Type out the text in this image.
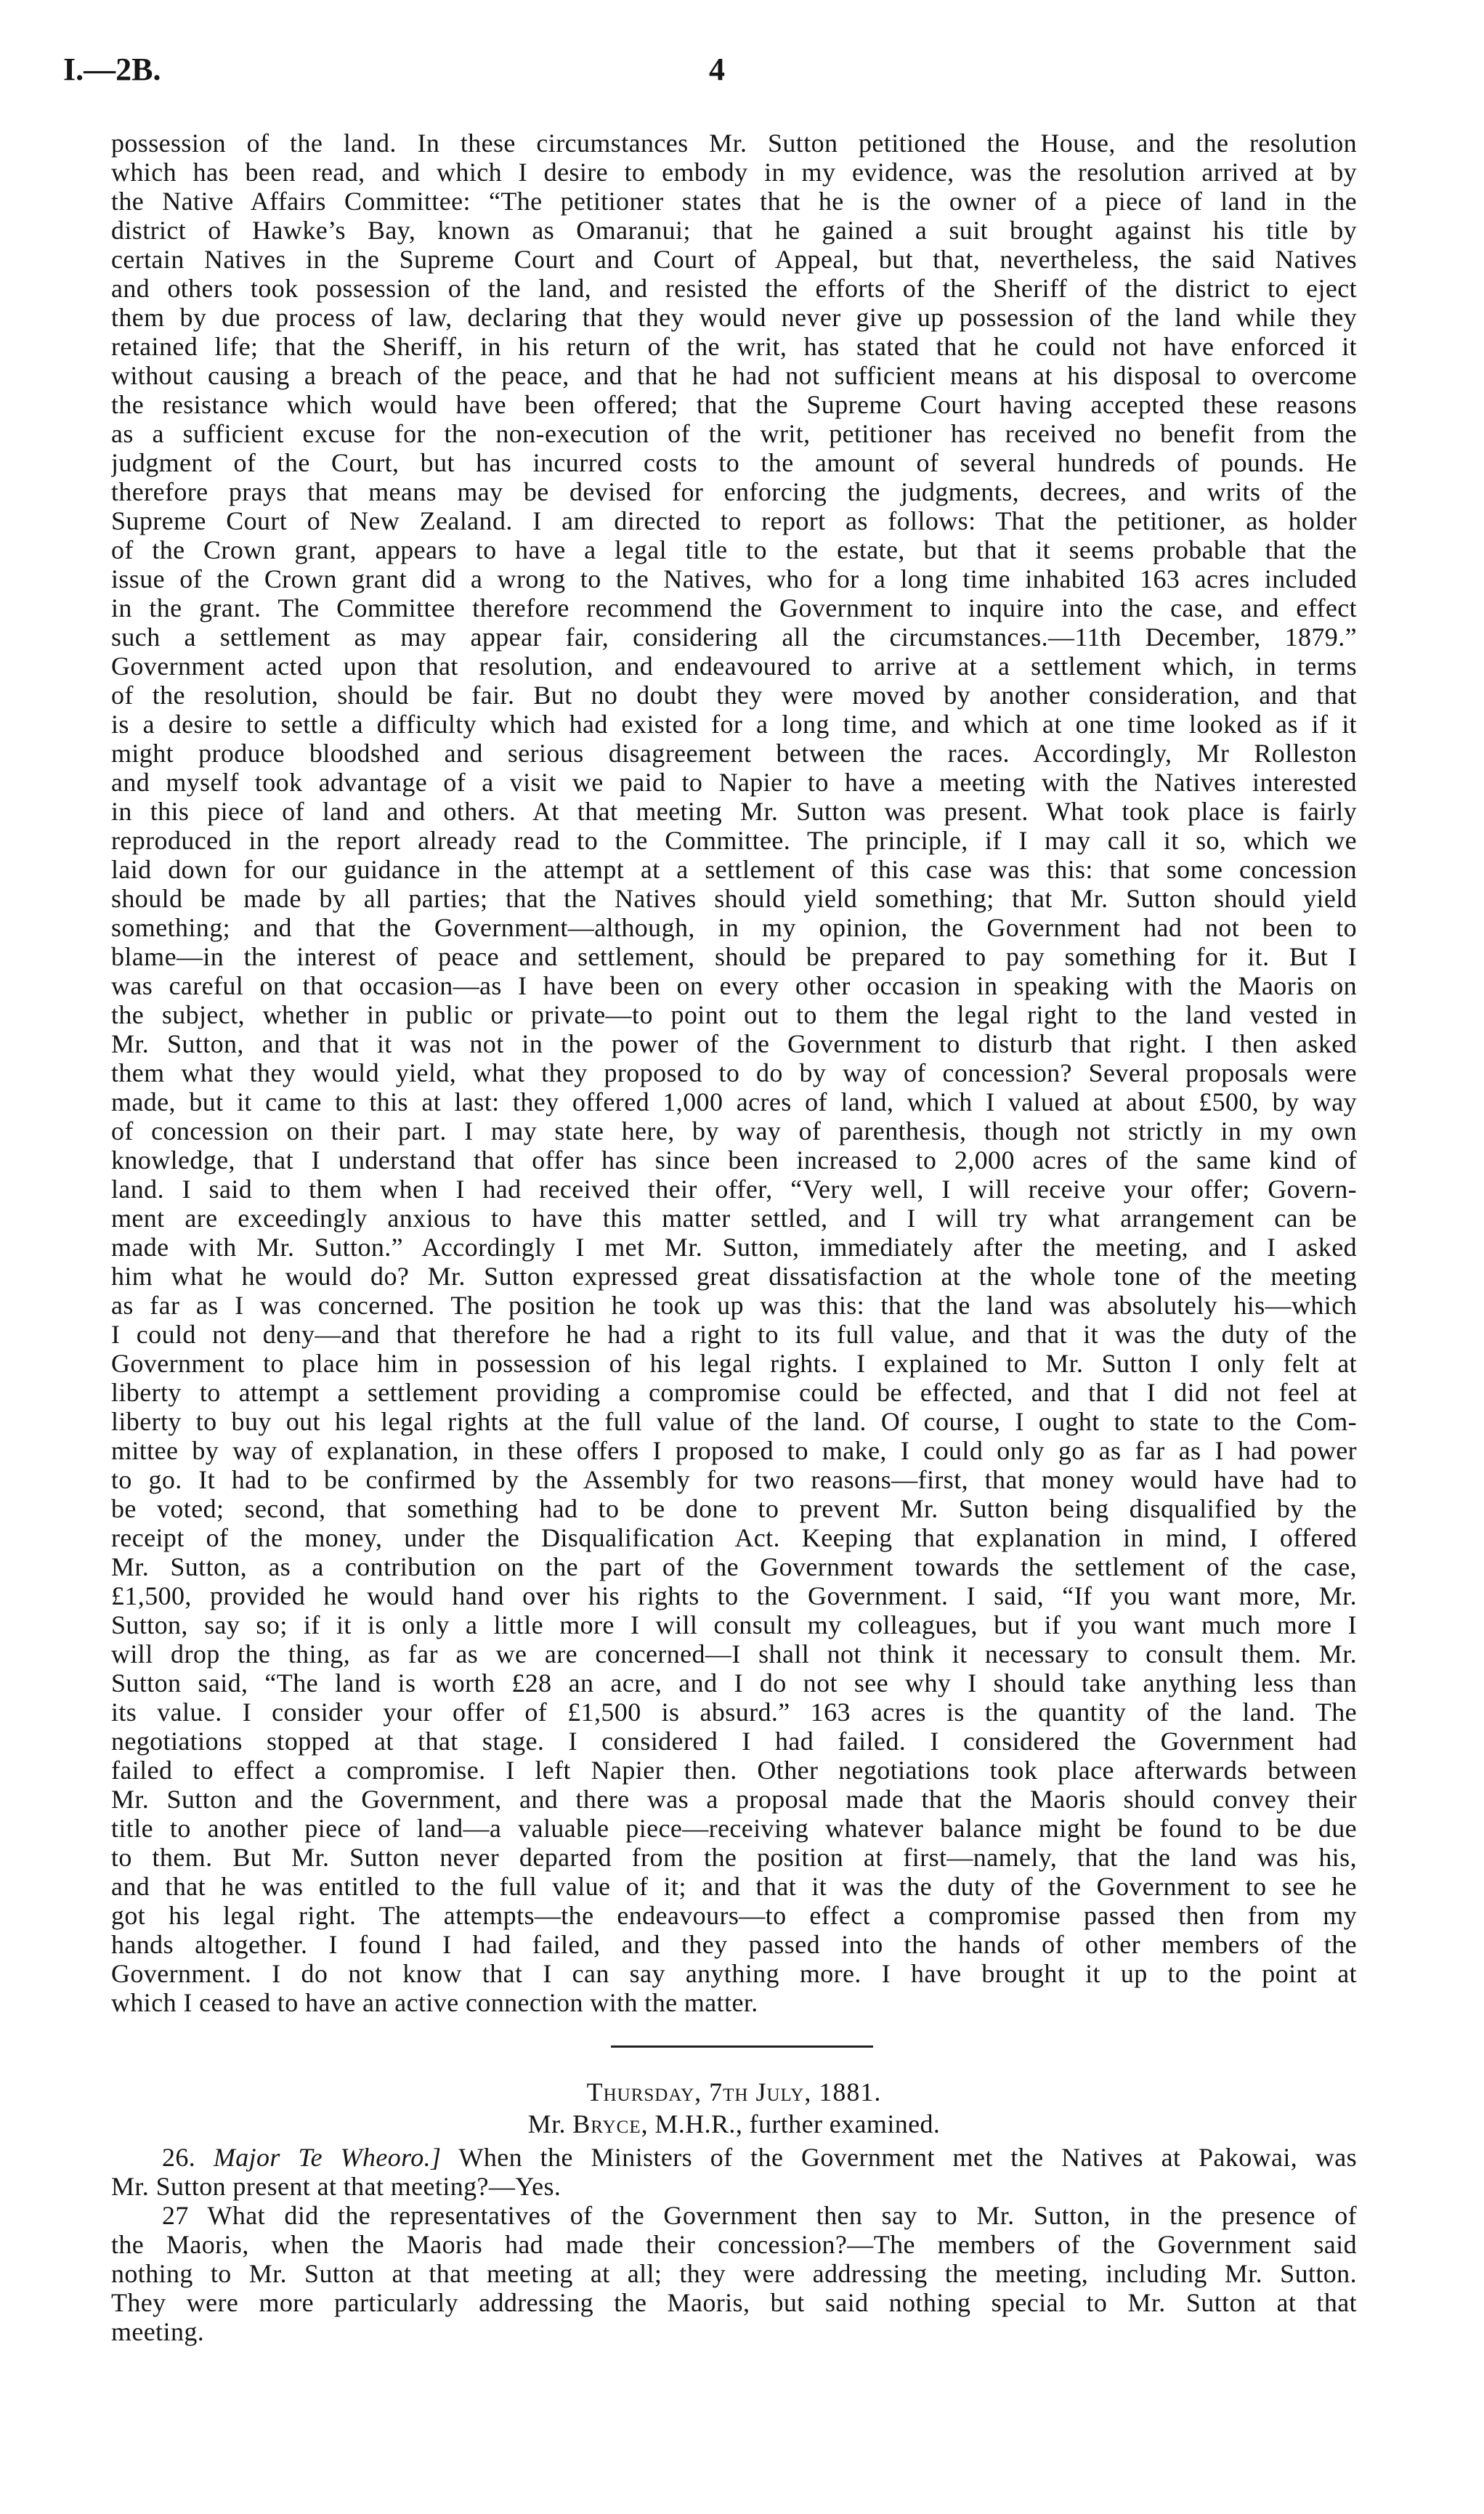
I.—2B.	4
possession of the land. In these circumstances Mr. Sutton petitioned the House, and the resolution
which has been read, and which I desire to embody in my evidence, was the resolution arrived at by
the Native Affairs Committee: “The petitioner states that he is the owner of a piece of land in the
district of Hawke’s Bay, known as Omaranui; that he gained a suit brought against his title by
certain Natives in the Supreme Court and Court of Appeal, but that, nevertheless, the said Natives
and others took possession of the land, and resisted the efforts of the Sheriff of the district to eject
them by due process of law, declaring that they would never give up possession of the land while they
retained life; that the Sheriff, in his return of the writ, has stated that he could not have enforced it
without causing a breach of the peace, and that he had not sufficient means at his disposal to overcome
the resistance which would have been offered; that the Supreme Court having accepted these reasons
as a sufficient excuse for the non-execution of the writ, petitioner has received no benefit from the
judgment of the Court, but has incurred costs to the amount of several hundreds of pounds. He
therefore prays that means may be devised for enforcing the judgments, decrees, and writs of the
Supreme Court of New Zealand. I am directed to report as follows: That the petitioner, as holder
of the Crown grant, appears to have a legal title to the estate, but that it seems probable that the
issue of the Crown grant did a wrong to the Natives, who for a long time inhabited 163 acres included
in the grant. The Committee therefore recommend the Government to inquire into the case, and effect
such a settlement as may appear fair, considering all the circumstances.—11th December, 1879.”
Government acted upon that resolution, and endeavoured to arrive at a settlement which, in terms
of the resolution, should be fair. But no doubt they were moved by another consideration, and that
is a desire to settle a difficulty which had existed for a long time, and which at one time looked as if it
might produce bloodshed and serious disagreement between the races. Accordingly, Mr Rolleston
and myself took advantage of a visit we paid to Napier to have a meeting with the Natives interested
in this piece of land and others. At that meeting Mr. Sutton was present. What took place is fairly
reproduced in the report already read to the Committee. The principle, if I may call it so, which we
laid down for our guidance in the attempt at a settlement of this case was this: that some concession
should be made by all parties; that the Natives should yield something; that Mr. Sutton should yield
something; and that the Government—although, in my opinion, the Government had not been to
blame—in the interest of peace and settlement, should be prepared to pay something for it. But I
was careful on that occasion—as I have been on every other occasion in speaking with the Maoris on
the subject, whether in public or private—to point out to them the legal right to the land vested in
Mr. Sutton, and that it was not in the power of the Government to disturb that right. I then asked
them what they would yield, what they proposed to do by way of concession? Several proposals were
made, but it came to this at last: they offered 1,000 acres of land, which I valued at about £500, by way
of concession on their part. I may state here, by way of parenthesis, though not strictly in my own
knowledge, that I understand that offer has since been increased to 2,000 acres of the same kind of
land. I said to them when I had received their offer, “Very well, I will receive your offer; Govern-
ment are exceedingly anxious to have this matter settled, and I will try what arrangement can be
made with Mr. Sutton.” Accordingly I met Mr. Sutton, immediately after the meeting, and I asked
him what he would do? Mr. Sutton expressed great dissatisfaction at the whole tone of the meeting
as far as I was concerned. The position he took up was this: that the land was absolutely his—which
I could not deny—and that therefore he had a right to its full value, and that it was the duty of the
Government to place him in possession of his legal rights. I explained to Mr. Sutton I only felt at
liberty to attempt a settlement providing a compromise could be effected, and that I did not feel at
liberty to buy out his legal rights at the full value of the land. Of course, I ought to state to the Com-
mittee by way of explanation, in these offers I proposed to make, I could only go as far as I had power
to go. It had to be confirmed by the Assembly for two reasons—first, that money would have had to
be voted; second, that something had to be done to prevent Mr. Sutton being disqualified by the
receipt of the money, under the Disqualification Act. Keeping that explanation in mind, I offered
Mr. Sutton, as a contribution on the part of the Government towards the settlement of the case,
£1,500, provided he would hand over his rights to the Government. I said, “If you want more, Mr.
Sutton, say so; if it is only a little more I will consult my colleagues, but if you want much more I
will drop the thing, as far as we are concerned—I shall not think it necessary to consult them. Mr.
Sutton said, “The land is worth £28 an acre, and I do not see why I should take anything less than
its value. I consider your offer of £1,500 is absurd.” 163 acres is the quantity of the land. The
negotiations stopped at that stage. I considered I had failed. I considered the Government had
failed to effect a compromise. I left Napier then. Other negotiations took place afterwards between
Mr. Sutton and the Government, and there was a proposal made that the Maoris should convey their
title to another piece of land—a valuable piece—receiving whatever balance might be found to be due
to them. But Mr. Sutton never departed from the position at first—namely, that the land was his,
and that he was entitled to the full value of it; and that it was the duty of the Government to see he
got his legal right. The attempts—the endeavours—to effect a compromise passed then from my
hands altogether. I found I had failed, and they passed into the hands of other members of the
Government. I do not know that I can say anything more. I have brought it up to the point at
which I ceased to have an active connection with the matter.
Thursday, 7th July, 1881.
Mr. Bryce, M.H.R., further examined.
26. Major Te Wheoro.] When the Ministers of the Government met the Natives at Pakowai, was
Mr. Sutton present at that meeting?—Yes.
27 What did the representatives of the Government then say to Mr. Sutton, in the presence of
the Maoris, when the Maoris had made their concession?—The members of the Government said
nothing to Mr. Sutton at that meeting at all; they were addressing the meeting, including Mr. Sutton.
They were more particularly addressing the Maoris, but said nothing special to Mr. Sutton at that
meeting.
